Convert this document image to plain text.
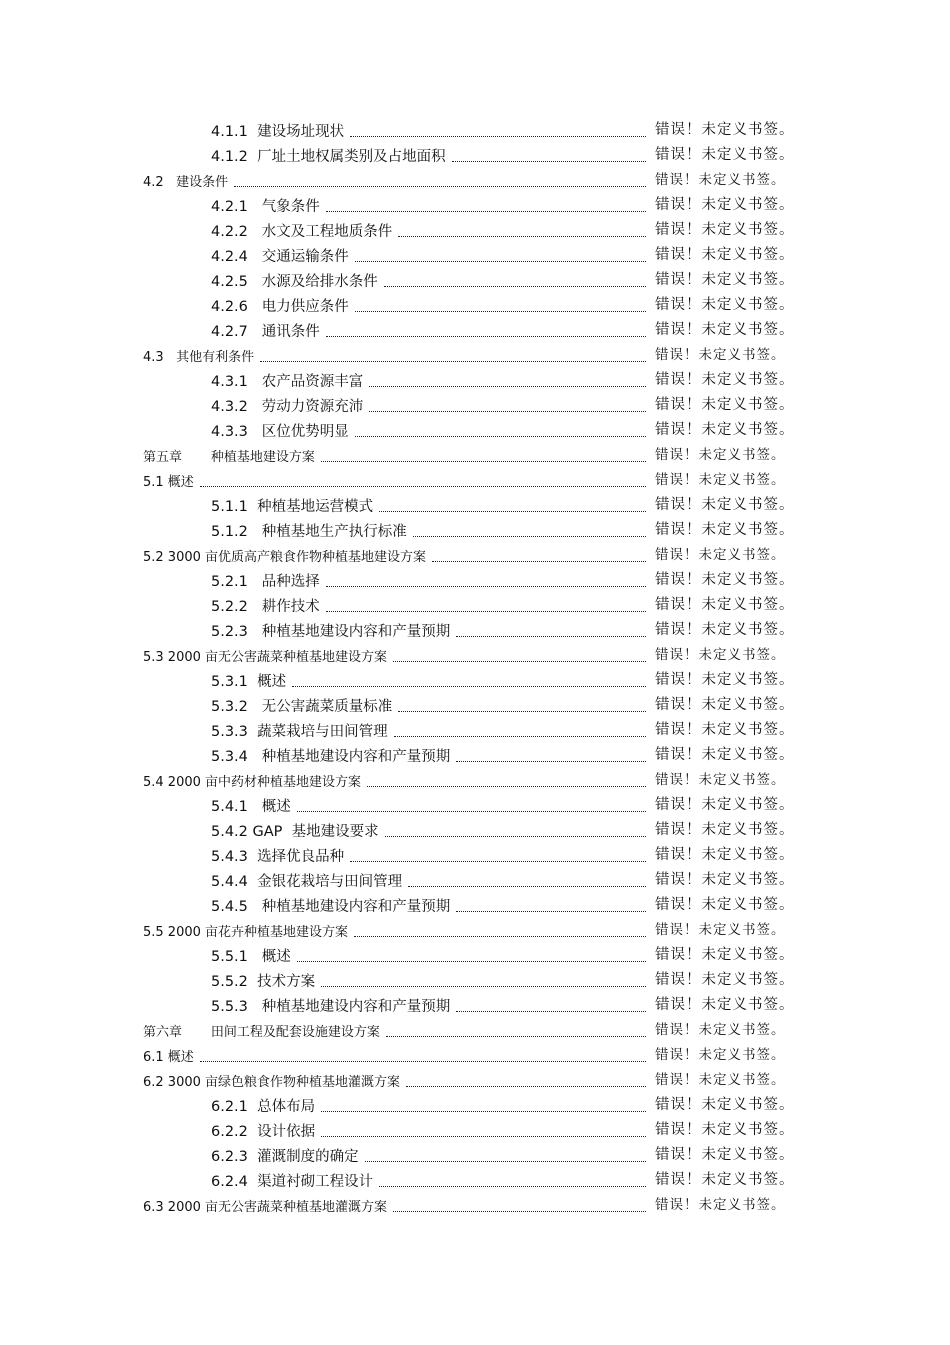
4.1.1  建设场址现状	错误！未定义书签。
4.1.2  厂址土地权属类别及占地面积	错误！未定义书签。
4.2   建设条件	错误！未定义书签。
4.2.1   气象条件	错误！未定义书签。
4.2.2   水文及工程地质条件	错误！未定义书签。
4.2.4   交通运输条件	错误！未定义书签。
4.2.5   水源及给排水条件	错误！未定义书签。
4.2.6   电力供应条件	错误！未定义书签。
4.2.7   通讯条件	错误！未定义书签。
4.3   其他有利条件	错误！未定义书签。
4.3.1   农产品资源丰富	错误！未定义书签。
4.3.2   劳动力资源充沛	错误！未定义书签。
4.3.3   区位优势明显	错误！未定义书签。
第五章       种植基地建设方案	错误！未定义书签。
5.1 概述	错误！未定义书签。
5.1.1  种植基地运营模式	错误！未定义书签。
5.1.2   种植基地生产执行标准	错误！未定义书签。
5.2 3000 亩优质高产粮食作物种植基地建设方案	错误！未定义书签。
5.2.1   品种选择	错误！未定义书签。
5.2.2   耕作技术	错误！未定义书签。
5.2.3   种植基地建设内容和产量预期	错误！未定义书签。
5.3 2000 亩无公害蔬菜种植基地建设方案	错误！未定义书签。
5.3.1  概述	错误！未定义书签。
5.3.2   无公害蔬菜质量标准	错误！未定义书签。
5.3.3  蔬菜栽培与田间管理	错误！未定义书签。
5.3.4   种植基地建设内容和产量预期	错误！未定义书签。
5.4 2000 亩中药材种植基地建设方案	错误！未定义书签。
5.4.1   概述	错误！未定义书签。
5.4.2 GAP  基地建设要求	错误！未定义书签。
5.4.3  选择优良品种	错误！未定义书签。
5.4.4  金银花栽培与田间管理	错误！未定义书签。
5.4.5   种植基地建设内容和产量预期	错误！未定义书签。
5.5 2000 亩花卉种植基地建设方案	错误！未定义书签。
5.5.1   概述	错误！未定义书签。
5.5.2  技术方案	错误！未定义书签。
5.5.3   种植基地建设内容和产量预期	错误！未定义书签。
第六章       田间工程及配套设施建设方案	错误！未定义书签。
6.1 概述	错误！未定义书签。
6.2 3000 亩绿色粮食作物种植基地灌溉方案	错误！未定义书签。
6.2.1  总体布局	错误！未定义书签。
6.2.2  设计依据	错误！未定义书签。
6.2.3  灌溉制度的确定	错误！未定义书签。
6.2.4  渠道衬砌工程设计	错误！未定义书签。
6.3 2000 亩无公害蔬菜种植基地灌溉方案	错误！未定义书签。
